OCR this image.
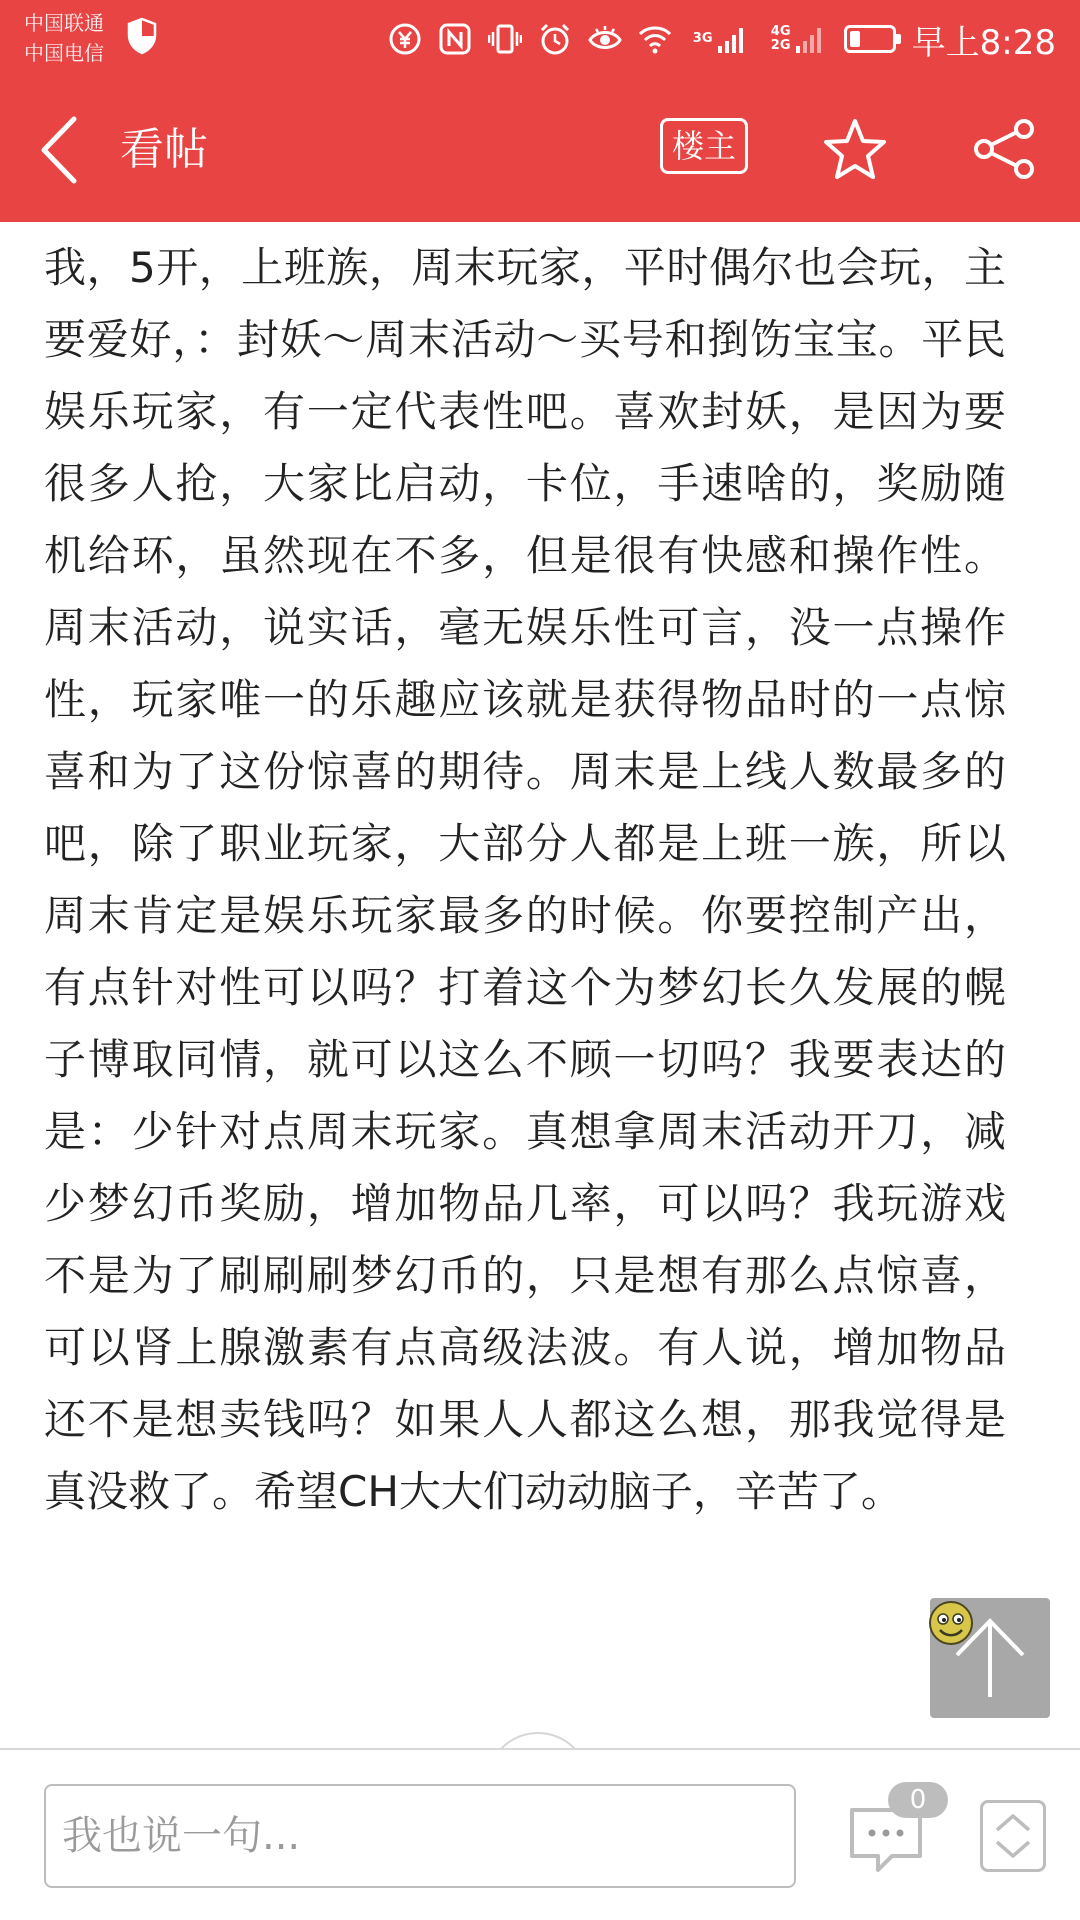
中国联通
中国电信
3G	4G
2G	早上8:28
看帖	楼主
我，5开，上班族，周末玩家，平时偶尔也会玩，主要爱好，：封妖～周末活动～买号和捯饬宝宝。平民娱乐玩家，有一定代表性吧。喜欢封妖，是因为要很多人抢，大家比启动，卡位，手速啥的，奖励随机给环，虽然现在不多，但是很有快感和操作性。周末活动，说实话，毫无娱乐性可言，没一点操作性，玩家唯一的乐趣应该就是获得物品时的一点惊喜和为了这份惊喜的期待。周末是上线人数最多的吧，除了职业玩家，大部分人都是上班一族，所以周末肯定是娱乐玩家最多的时候。你要控制产出，有点针对性可以吗？打着这个为梦幻长久发展的幌子博取同情，就可以这么不顾一切吗？我要表达的是：少针对点周末玩家。真想拿周末活动开刀，减少梦幻币奖励，增加物品几率，可以吗？我玩游戏不是为了刷刷刷梦幻币的，只是想有那么点惊喜，可以肾上腺激素有点高级法波。有人说，增加物品还不是想卖钱吗？如果人人都这么想，那我觉得是真没救了。希望CH大大们动动脑子，辛苦了。
我也说一句...
0
